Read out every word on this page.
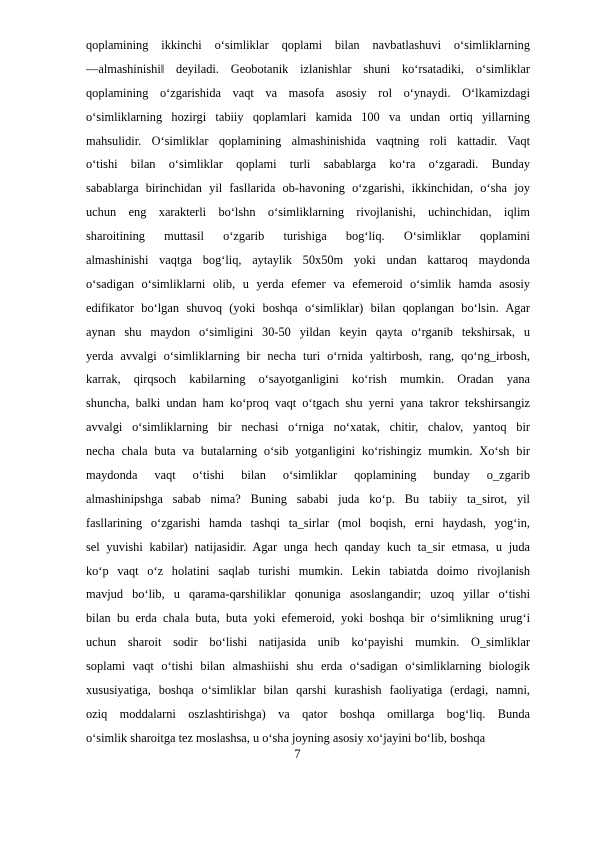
qoplamining ikkinchi o‘simliklar qoplami bilan navbatlashuvi o‘simliklarning
―almashinishi‖ deyiladi. Geobotanik izlanishlar shuni ko‘rsatadiki, o‘simliklar
qoplamining o‘zgarishida vaqt va masofa asosiy rol o‘ynaydi. O‘lkamizdagi
o‘simliklarning hozirgi tabiiy qoplamlari kamida 100 va undan ortiq yillarning
mahsulidir. O‘simliklar qoplamining almashinishida vaqtning roli kattadir. Vaqt
o‘tishi bilan o‘simliklar qoplami turli sabablarga ko‘ra o‘zgaradi. Bunday
sabablarga birinchidan yil fasllarida ob-havoning o‘zgarishi, ikkinchidan, o‘sha joy
uchun eng xarakterli bo‘lshn o‘simliklarning rivojlanishi, uchinchidan, iqlim
sharoitining muttasil o‘zgarib turishiga bog‘liq. O‘simliklar qoplamini
almashinishi vaqtga bog‘liq, aytaylik 50x50m yoki undan kattaroq maydonda
o‘sadigan o‘simliklarni olib, u yerda efemer va efemeroid o‘simlik hamda asosiy
edifikator bo‘lgan shuvoq (yoki boshqa o‘simliklar) bilan qoplangan bo‘lsin. Agar
aynan shu maydon o‘simligini 30-50 yildan keyin qayta o‘rganib tekshirsak, u
yerda avvalgi o‘simliklarning bir necha turi o‘rnida yaltirbosh, rang, qo‘ng_irbosh,
karrak, qirqsoch kabilarning o‘sayotganligini ko‘rish mumkin. Oradan yana
shuncha, balki undan ham ko‘proq vaqt o‘tgach shu yerni yana takror tekshirsangiz
avvalgi o‘simliklarning bir nechasi o‘rniga no‘xatak, chitir, chalov, yantoq bir
necha chala buta va butalarning o‘sib yotganligini ko‘rishingiz mumkin. Xo‘sh bir
maydonda vaqt o‘tishi bilan o‘simliklar qoplamining bunday o_zgarib
almashinipshga sabab nima? Buning sababi juda ko‘p. Bu tabiiy ta_sirot, yil
fasllarining o‘zgarishi hamda tashqi ta_sirlar (mol boqish, erni haydash, yog‘in,
sel yuvishi kabilar) natijasidir. Agar unga hech qanday kuch ta_sir etmasa, u juda
ko‘p vaqt o‘z holatini saqlab turishi mumkin. Lekin tabiatda doimo rivojlanish
mavjud bo‘lib, u qarama-qarshiliklar qonuniga asoslangandir; uzoq yillar o‘tishi
bilan bu erda chala buta, buta yoki efemeroid, yoki boshqa bir o‘simlikning urug‘i
uchun sharoit sodir bo‘lishi natijasida unib ko‘payishi mumkin. O_simliklar
soplami vaqt o‘tishi bilan almashiishi shu erda o‘sadigan o‘simliklarning biologik
xususiyatiga, boshqa o‘simliklar bilan qarshi kurashish faoliyatiga (erdagi, namni,
oziq moddalarni oszlashtirishga) va qator boshqa omillarga bog‘liq. Bunda
o‘simlik sharoitga tez moslashsa, u o‘sha joyning asosiy xo‘jayini bo‘lib, boshqa
7
